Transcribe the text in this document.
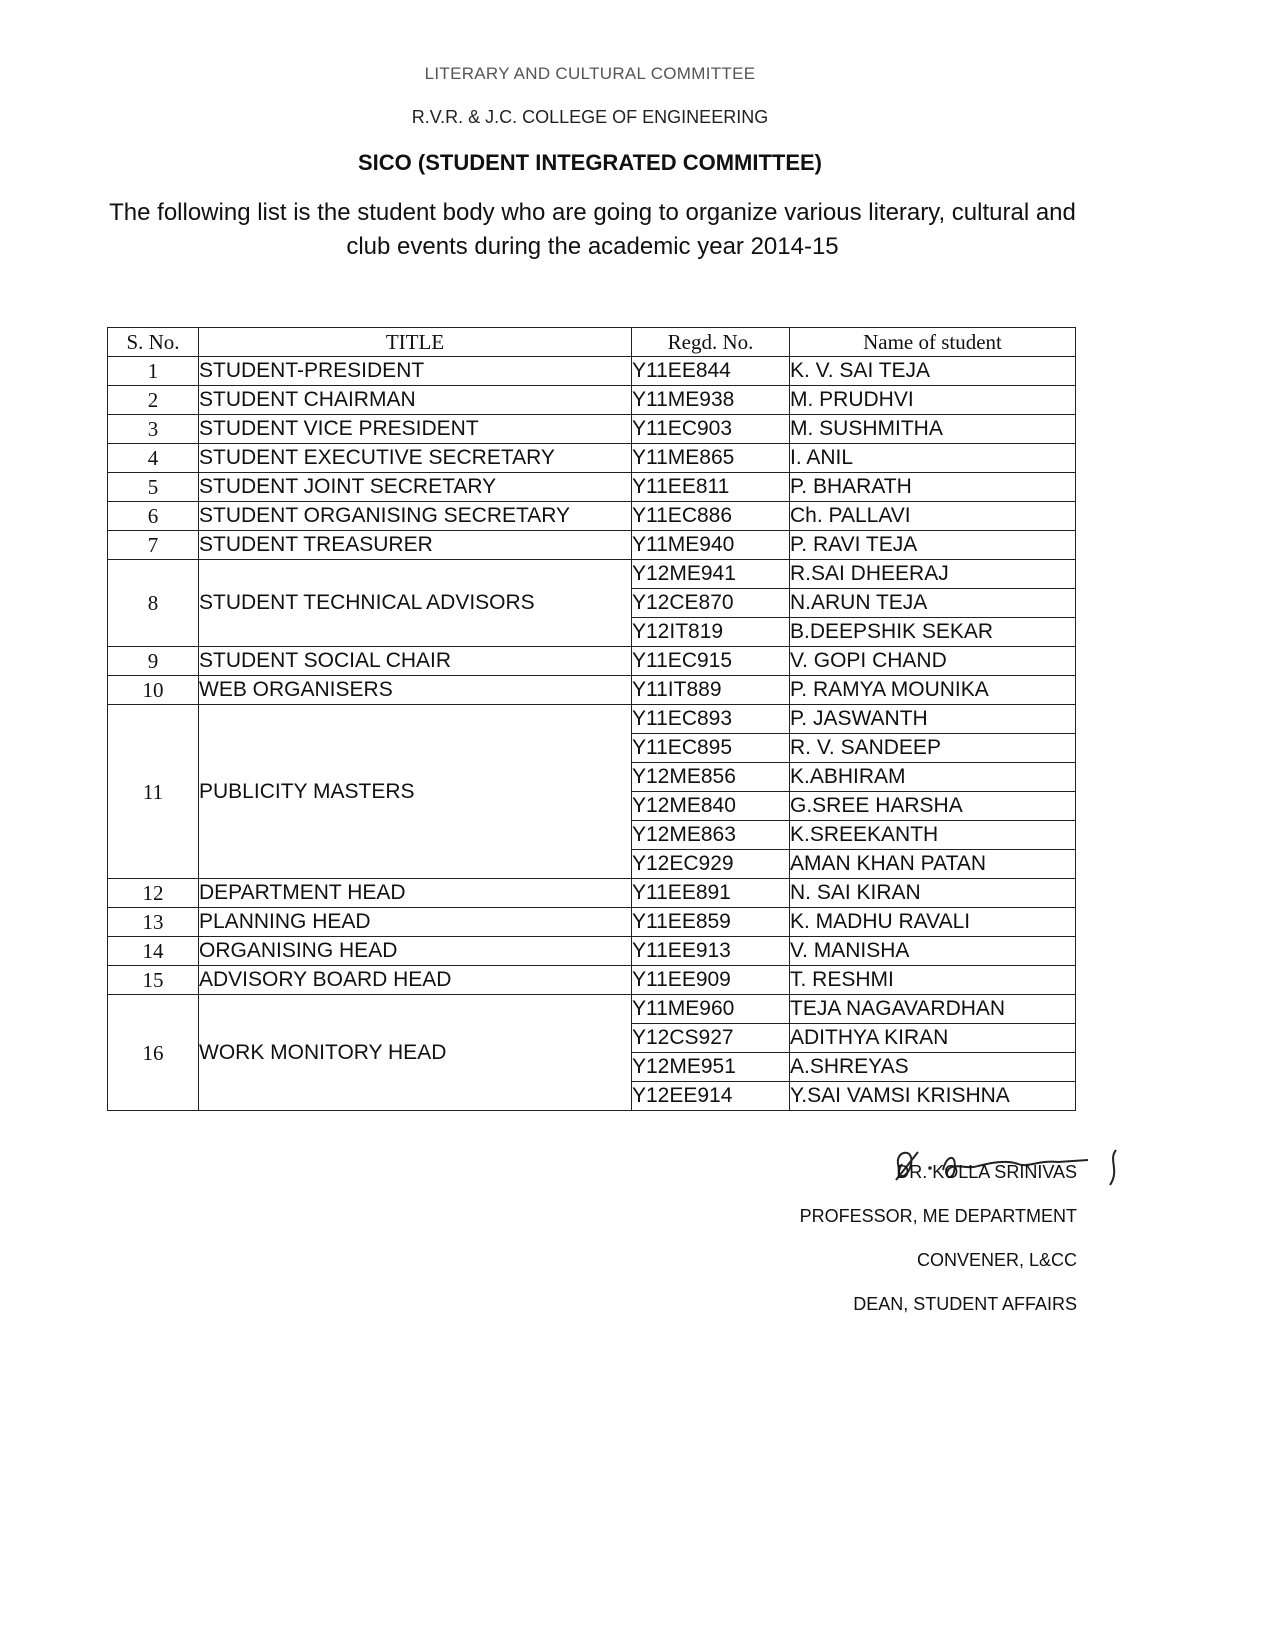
LITERARY AND CULTURAL COMMITTEE
R.V.R. & J.C. COLLEGE OF ENGINEERING
SICO (STUDENT INTEGRATED COMMITTEE)
The following list is the student body who are going to organize various literary, cultural and club events during the academic year 2014-15
S. No.	TITLE	Regd. No.	Name of student
1	STUDENT-PRESIDENT	Y11EE844	K. V. SAI TEJA
2	STUDENT CHAIRMAN	Y11ME938	M. PRUDHVI
3	STUDENT VICE PRESIDENT	Y11EC903	M. SUSHMITHA
4	STUDENT EXECUTIVE SECRETARY	Y11ME865	I. ANIL
5	STUDENT JOINT SECRETARY	Y11EE811	P. BHARATH
6	STUDENT ORGANISING SECRETARY	Y11EC886	Ch. PALLAVI
7	STUDENT TREASURER	Y11ME940	P. RAVI TEJA
8	STUDENT TECHNICAL ADVISORS	Y12ME941	R.SAI DHEERAJ
		Y12CE870	N.ARUN TEJA
		Y12IT819	B.DEEPSHIK SEKAR
9	STUDENT SOCIAL CHAIR	Y11EC915	V. GOPI CHAND
10	WEB ORGANISERS	Y11IT889	P. RAMYA MOUNIKA
11	PUBLICITY MASTERS	Y11EC893	P. JASWANTH
		Y11EC895	R. V. SANDEEP
		Y12ME856	K.ABHIRAM
		Y12ME840	G.SREE HARSHA
		Y12ME863	K.SREEKANTH
		Y12EC929	AMAN KHAN PATAN
12	DEPARTMENT HEAD	Y11EE891	N. SAI KIRAN
13	PLANNING HEAD	Y11EE859	K. MADHU RAVALI
14	ORGANISING HEAD	Y11EE913	V. MANISHA
15	ADVISORY BOARD HEAD	Y11EE909	T. RESHMI
16	WORK MONITORY HEAD	Y11ME960	TEJA NAGAVARDHAN
		Y12CS927	ADITHYA KIRAN
		Y12ME951	A.SHREYAS
		Y12EE914	Y.SAI VAMSI KRISHNA
DR. KOLLA SRINIVAS
PROFESSOR, ME DEPARTMENT
CONVENER, L&CC
DEAN, STUDENT AFFAIRS
